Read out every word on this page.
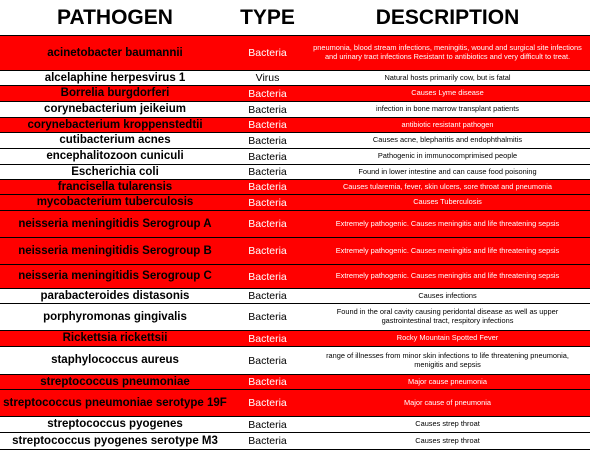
PATHOGEN	TYPE	DESCRIPTION
acinetobacter baumannii	Bacteria	pneumonia, blood stream infections, meningitis, wound and surgical site infections and urinary tract infections Resistant to antibiotics and very difficult to treat.
alcelaphine herpesvirus 1	Virus	Natural hosts primarily cow, but is fatal
Borrelia burgdorferi	Bacteria	Causes Lyme disease
corynebacterium jeikeium	Bacteria	infection in bone marrow transplant patients
corynebacterium kroppenstedtii	Bacteria	antibiotic resistant pathogen
cutibacterium acnes	Bacteria	Causes acne, blepharitis and endophthalmitis
encephalitozoon cuniculi	Bacteria	Pathogenic in immunocomprimised people
Escherichia coli	Bacteria	Found in lower intestine and can cause food poisoning
francisella tularensis	Bacteria	Causes tularemia, fever, skin ulcers, sore throat and pneumonia
mycobacterium tuberculosis	Bacteria	Causes Tuberculosis
neisseria meningitidis Serogroup A	Bacteria	Extremely pathogenic. Causes meningitis and life threatening sepsis
neisseria meningitidis Serogroup B	Bacteria	Extremely pathogenic. Causes meningitis and life threatening sepsis
neisseria meningitidis Serogroup C	Bacteria	Extremely pathogenic. Causes meningitis and life threatening sepsis
parabacteroides distasonis	Bacteria	Causes infections
porphyromonas gingivalis	Bacteria	Found in the oral cavity causing peridontal disease as well as upper gastrointestinal tract, respitory infections
Rickettsia rickettsii	Bacteria	Rocky Mountain Spotted Fever
staphylococcus aureus	Bacteria	range of illnesses from minor skin infections to life threatening pneumonia, menigitis and sepsis
streptococcus pneumoniae	Bacteria	Major cause pneumonia
streptococcus pneumoniae serotype 19F	Bacteria	Major cause of pneumonia
streptococcus pyogenes	Bacteria	Causes strep throat
streptococcus pyogenes serotype M3	Bacteria	Causes strep throat
